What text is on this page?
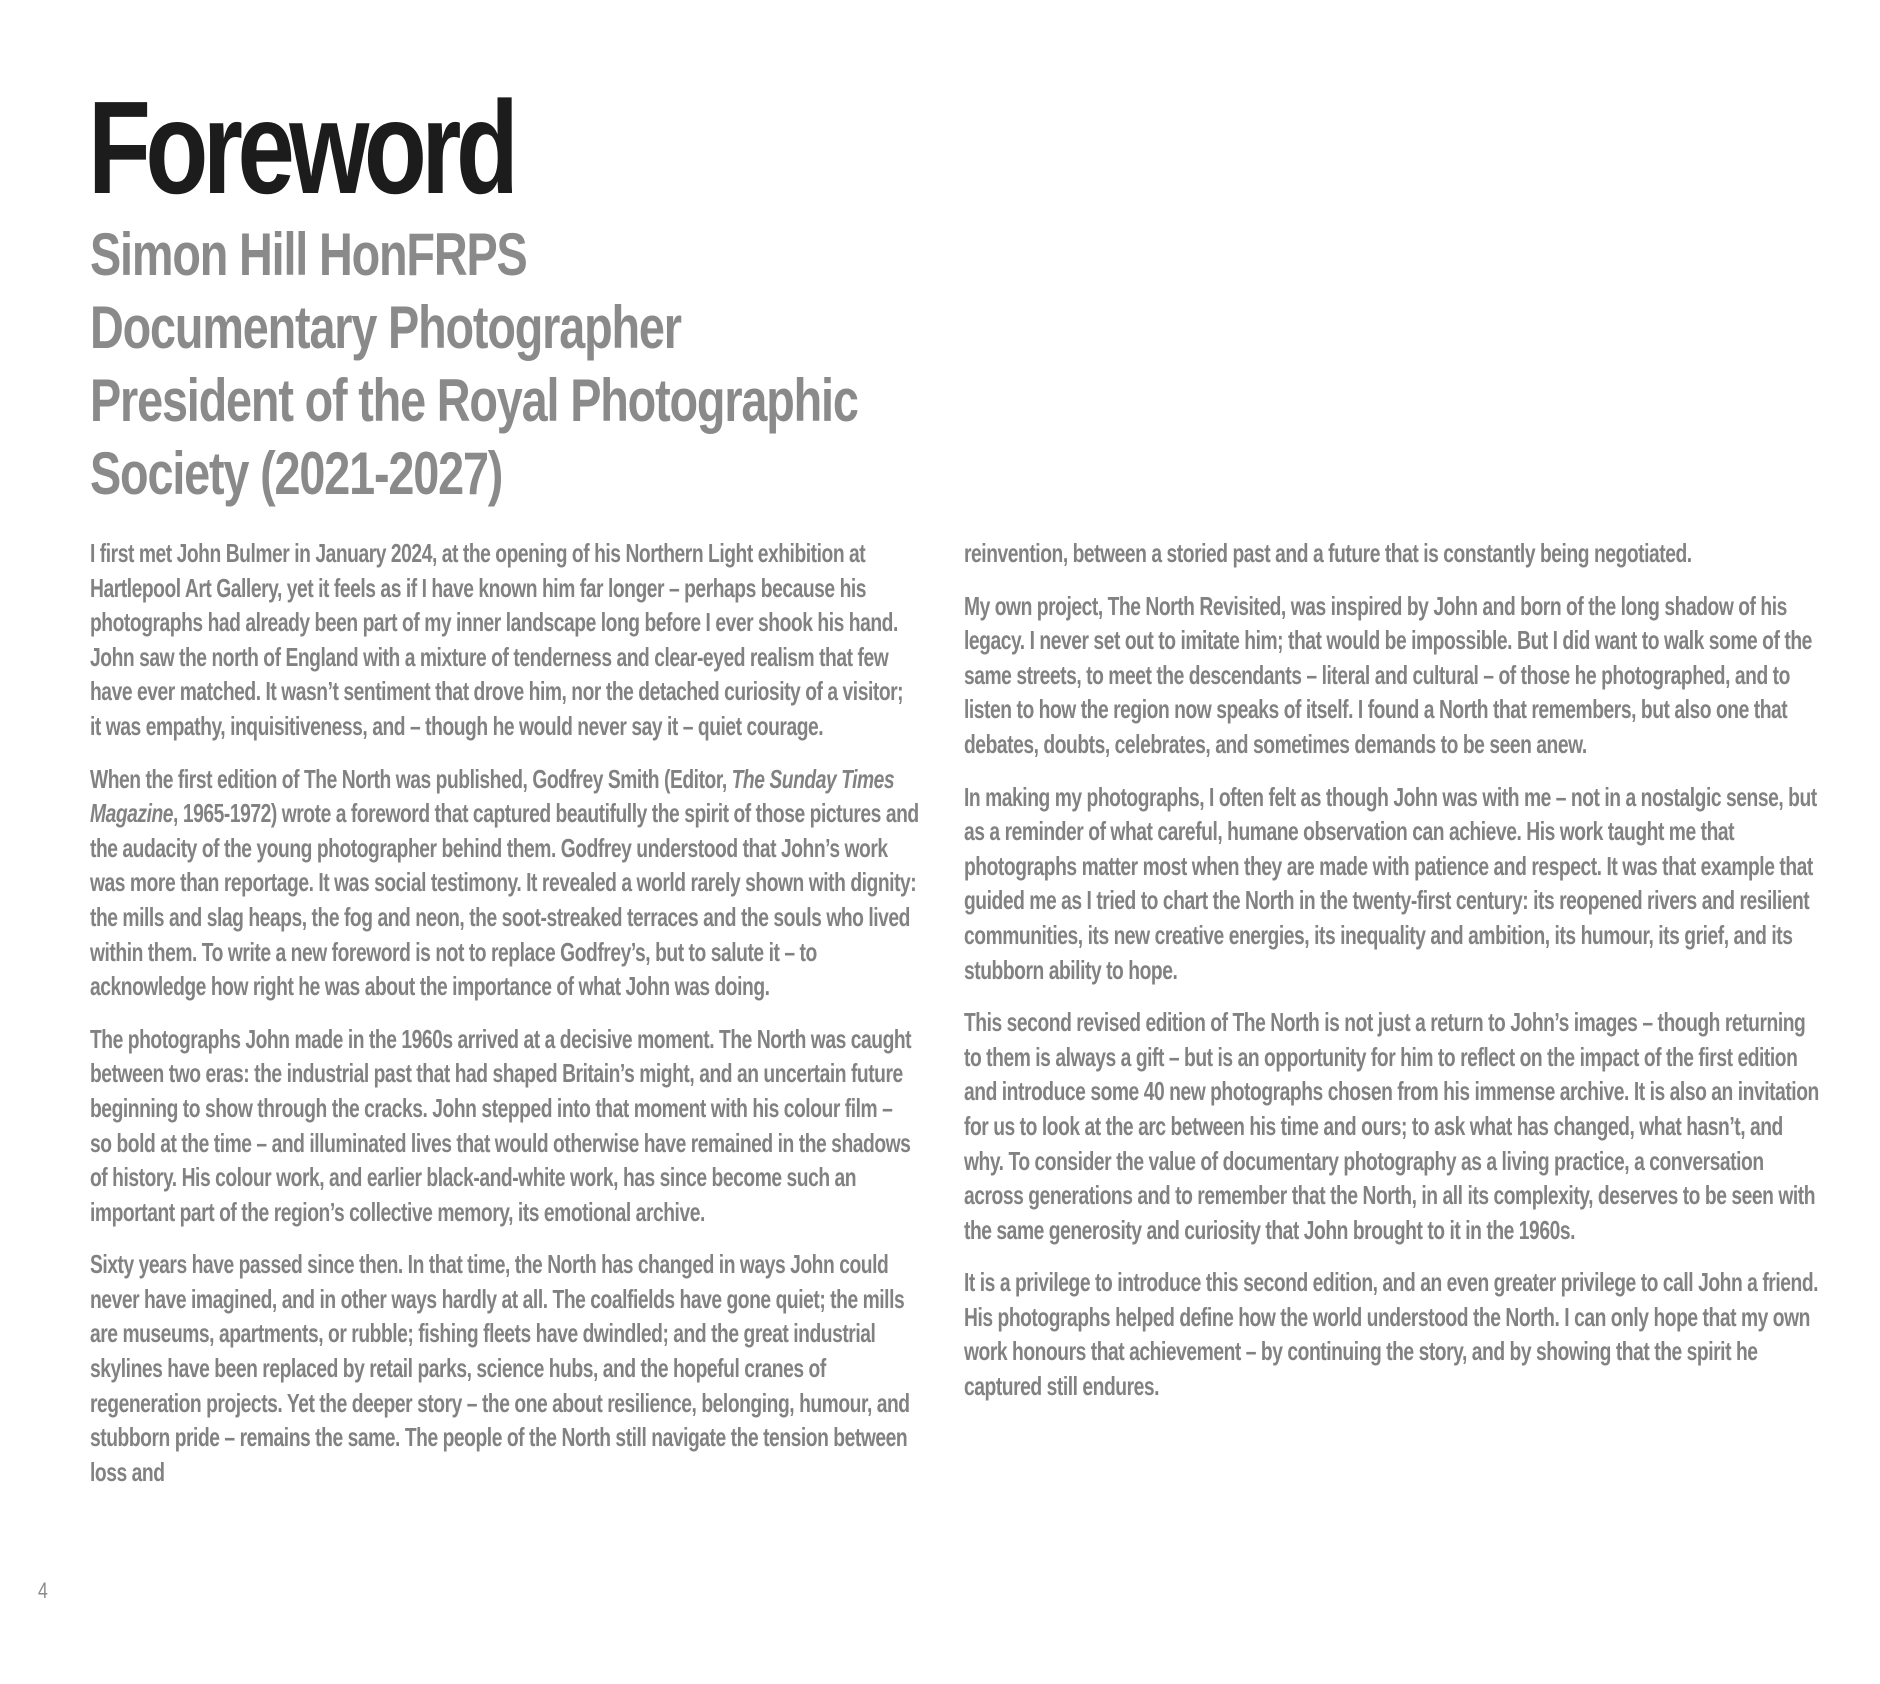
Foreword
Simon Hill HonFRPS
Documentary Photographer
President of the Royal Photographic
Society (2021-2027)

I first met John Bulmer in January 2024, at the opening of his Northern Light exhibition at Hartlepool Art Gallery, yet it feels as if I have known him far longer – perhaps because his photographs had already been part of my inner landscape long before I ever shook his hand. John saw the north of England with a mixture of tenderness and clear-eyed realism that few have ever matched. It wasn’t sentiment that drove him, nor the detached curiosity of a visitor; it was empathy, inquisitiveness, and – though he would never say it – quiet courage.

When the first edition of The North was published, Godfrey Smith (Editor, The Sunday Times Magazine, 1965-1972) wrote a foreword that captured beautifully the spirit of those pictures and the audacity of the young photographer behind them. Godfrey understood that John’s work was more than reportage. It was social testimony. It revealed a world rarely shown with dignity: the mills and slag heaps, the fog and neon, the soot-streaked terraces and the souls who lived within them. To write a new foreword is not to replace Godfrey’s, but to salute it – to acknowledge how right he was about the importance of what John was doing.

The photographs John made in the 1960s arrived at a decisive moment. The North was caught between two eras: the industrial past that had shaped Britain’s might, and an uncertain future beginning to show through the cracks. John stepped into that moment with his colour film – so bold at the time – and illuminated lives that would otherwise have remained in the shadows of history. His colour work, and earlier black-and-white work, has since become such an important part of the region’s collective memory, its emotional archive.

Sixty years have passed since then. In that time, the North has changed in ways John could never have imagined, and in other ways hardly at all. The coalfields have gone quiet; the mills are museums, apartments, or rubble; fishing fleets have dwindled; and the great industrial skylines have been replaced by retail parks, science hubs, and the hopeful cranes of regeneration projects. Yet the deeper story – the one about resilience, belonging, humour, and stubborn pride – remains the same. The people of the North still navigate the tension between loss and

reinvention, between a storied past and a future that is constantly being negotiated.

My own project, The North Revisited, was inspired by John and born of the long shadow of his legacy. I never set out to imitate him; that would be impossible. But I did want to walk some of the same streets, to meet the descendants – literal and cultural – of those he photographed, and to listen to how the region now speaks of itself. I found a North that remembers, but also one that debates, doubts, celebrates, and sometimes demands to be seen anew.

In making my photographs, I often felt as though John was with me – not in a nostalgic sense, but as a reminder of what careful, humane observation can achieve. His work taught me that photographs matter most when they are made with patience and respect. It was that example that guided me as I tried to chart the North in the twenty-first century: its reopened rivers and resilient communities, its new creative energies, its inequality and ambition, its humour, its grief, and its stubborn ability to hope.

This second revised edition of The North is not just a return to John’s images – though returning to them is always a gift – but is an opportunity for him to reflect on the impact of the first edition and introduce some 40 new photographs chosen from his immense archive. It is also an invitation for us to look at the arc between his time and ours; to ask what has changed, what hasn’t, and why. To consider the value of documentary photography as a living practice, a conversation across generations and to remember that the North, in all its complexity, deserves to be seen with the same generosity and curiosity that John brought to it in the 1960s.

It is a privilege to introduce this second edition, and an even greater privilege to call John a friend. His photographs helped define how the world understood the North. I can only hope that my own work honours that achievement – by continuing the story, and by showing that the spirit he captured still endures.

4
